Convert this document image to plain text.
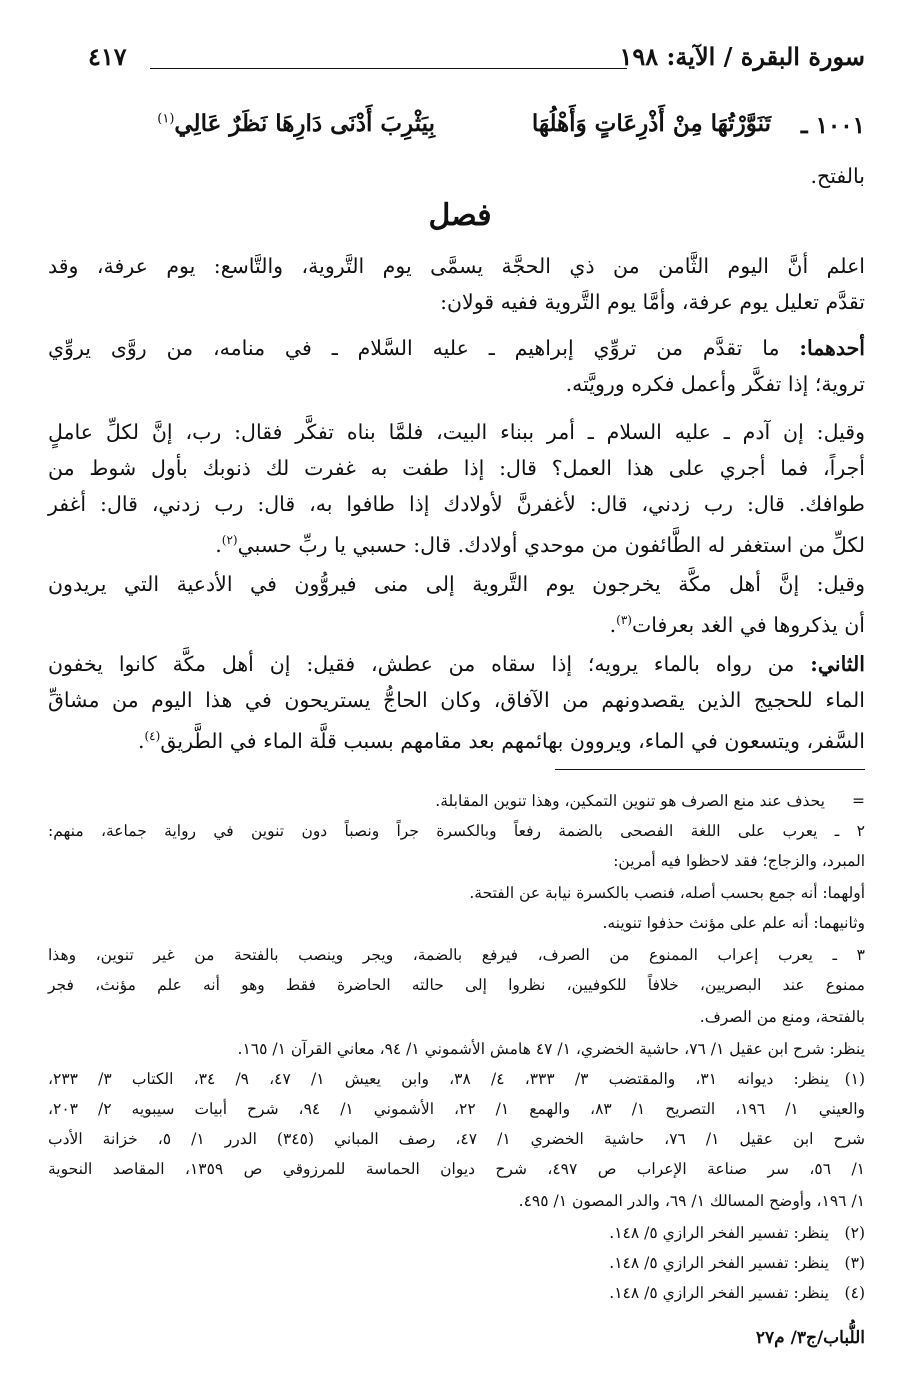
سورة البقرة / الآية: ١٩٨
٤١٧
١٠٠١ ـ
تَنَوَّرْتُهَا مِنْ أَذْرِعَاتٍ وَأَهْلُهَا
بِيَثْرِبَ أَدْنَى دَارِهَا نَظَرٌ عَالِي$^{(١)}$
بالفتح.
فصل
اعلم أنَّ اليوم الثَّامن من ذي الحجَّة يسمَّى يوم التَّروية، والتَّاسع: يوم عرفة، وقد
تقدَّم تعليل يوم عرفة، وأمَّا يوم التَّروية ففيه قولان:
أحدهما: ما تقدَّم من تروِّي إبراهيم ـ عليه السَّلام ـ في منامه، من روَّى يروِّي
تروية؛ إذا تفكَّر وأعمل فكره ورويَّته.
وقيل: إن آدم ـ عليه السلام ـ أمر ببناء البيت، فلمَّا بناه تفكَّر فقال: رب، إنَّ لكلِّ عاملٍ
أجراً، فما أجري على هذا العمل؟ قال: إذا طفت به غفرت لك ذنوبك بأول شوط من
طوافك. قال: رب زدني، قال: لأغفرنَّ لأولادك إذا طافوا به، قال: رب زدني، قال: أغفر
لكلِّ من استغفر له الطَّائفون من موحدي أولادك. قال: حسبي يا ربِّ حسبي$^{(٢)}$.
وقيل: إنَّ أهل مكَّة يخرجون يوم التَّروية إلى منى فيروُّون في الأدعية التي يريدون
أن يذكروها في الغد بعرفات$^{(٣)}$.
الثاني: من رواه بالماء يرويه؛ إذا سقاه من عطش، فقيل: إن أهل مكَّة كانوا يخفون
الماء للحجيج الذين يقصدونهم من الآفاق، وكان الحاجُّ يستريحون في هذا اليوم من مشاقِّ
السَّفر، ويتسعون في الماء، ويروون بهائمهم بعد مقامهم بسبب قلَّة الماء في الطَّريق$^{(٤)}$.
=يحذف عند منع الصرف هو تنوين التمكين، وهذا تنوين المقابلة.
٢ ـ يعرب على اللغة الفصحى بالضمة رفعاً وبالكسرة جراً ونصباً دون تنوين في رواية جماعة، منهم:
المبرد، والزجاج؛ فقد لاحظوا فيه أمرين:
أولهما: أنه جمع بحسب أصله، فنصب بالكسرة نيابة عن الفتحة.
وثانيهما: أنه علم على مؤنث حذفوا تنوينه.
٣ ـ يعرب إعراب الممنوع من الصرف، فيرفع بالضمة، ويجر وينصب بالفتحة من غير تنوين، وهذا
ممنوع عند البصريين، خلافاً للكوفيين، نظروا إلى حالته الحاضرة فقط وهو أنه علم مؤنث، فجر
بالفتحة، ومنع من الصرف.
ينظر: شرح ابن عقيل ١/ ٧٦، حاشية الخضري، ١/ ٤٧ هامش الأشموني ١/ ٩٤، معاني القرآن ١/ ١٦٥.
(١)ينظر: ديوانه ٣١، والمقتضب ٣/ ٣٣٣، ٤/ ٣٨، وابن يعيش ١/ ٤٧، ٩/ ٣٤، الكتاب ٣/ ٢٣٣،
والعيني ١/ ١٩٦، التصريح ١/ ٨٣، والهمع ١/ ٢٢، الأشموني ١/ ٩٤، شرح أبيات سيبويه ٢/ ٢٠٣،
شرح ابن عقيل ١/ ٧٦، حاشية الخضري ١/ ٤٧، رصف المباني (٣٤٥) الدرر ١/ ٥، خزانة الأدب
١/ ٥٦، سر صناعة الإعراب ص ٤٩٧، شرح ديوان الحماسة للمرزوقي ص ١٣٥٩، المقاصد النحوية
١/ ١٩٦، وأوضح المسالك ١/ ٦٩، والدر المصون ١/ ٤٩٥.
(٢)ينظر: تفسير الفخر الرازي ٥/ ١٤٨.
(٣)ينظر: تفسير الفخر الرازي ٥/ ١٤٨.
(٤)ينظر: تفسير الفخر الرازي ٥/ ١٤٨.
اللُّباب/ج٣/ م٢٧
